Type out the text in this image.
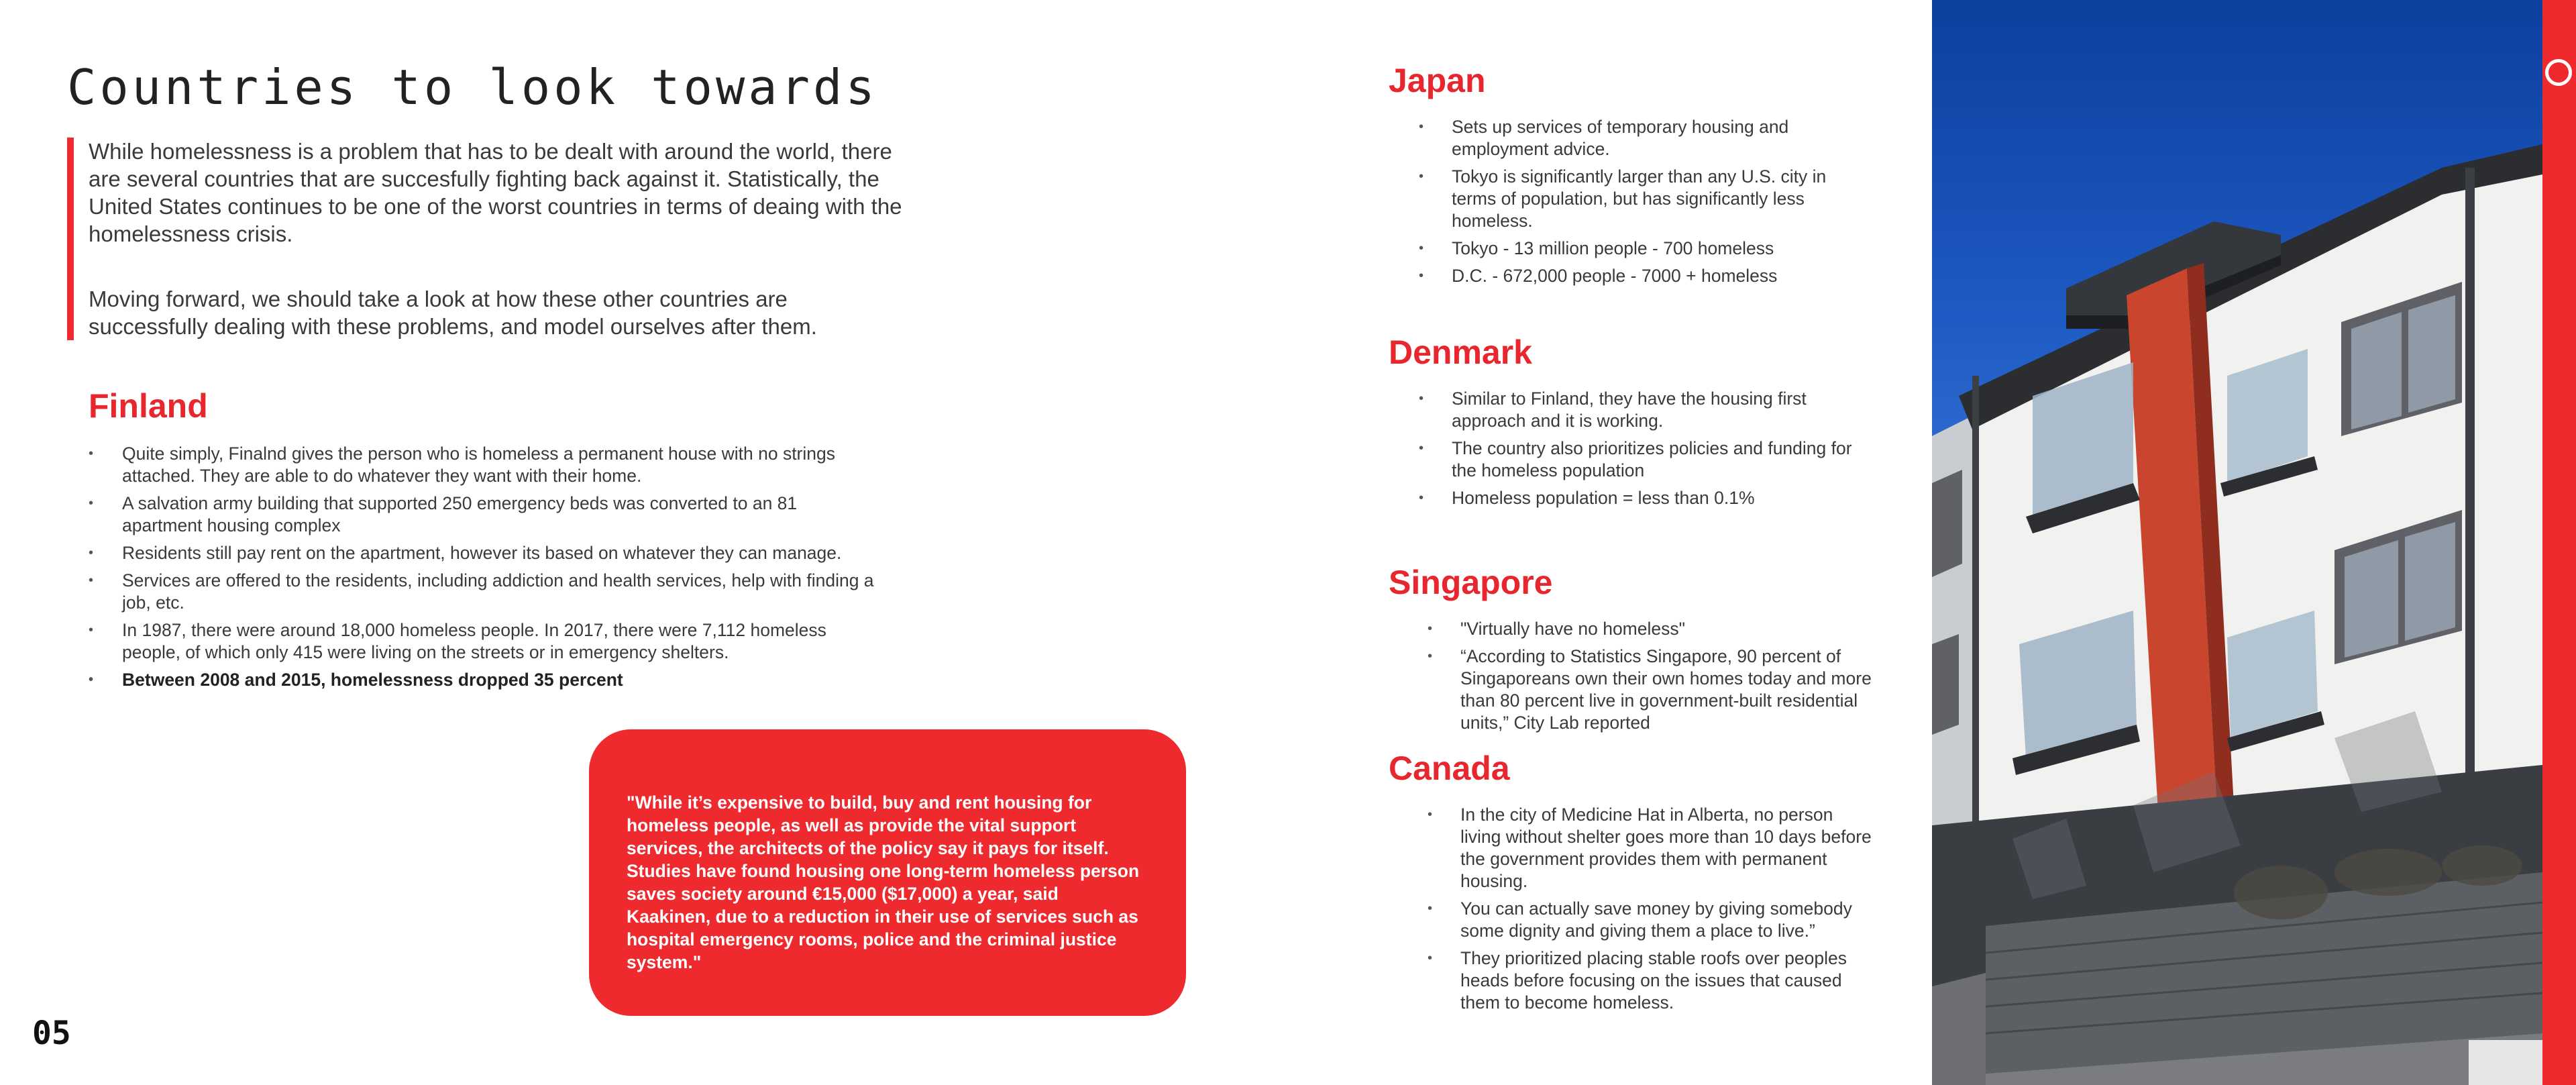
Countries to look towards

While homelessness is a problem that has to be dealt with around the world, there are several countries that are succesfully fighting back against it. Statistically, the United States continues to be one of the worst countries in terms of deaing with the homelessness crisis.

Moving forward, we should take a look at how these other countries are successfully dealing with these problems, and model ourselves after them.

Finland
• Quite simply, Finalnd gives the person who is homeless a permanent house with no strings attached. They are able to do whatever they want with their home.
• A salvation army building that supported 250 emergency beds was converted to an 81 apartment housing complex
• Residents still pay rent on the apartment, however its based on whatever they can manage.
• Services are offered to the residents, including addiction and health services, help with finding a job, etc.
• In 1987, there were around 18,000 homeless people. In 2017, there were 7,112 homeless people, of which only 415 were living on the streets or in emergency shelters.
• Between 2008 and 2015, homelessness dropped 35 percent

"While it’s expensive to build, buy and rent housing for homeless people, as well as provide the vital support services, the architects of the policy say it pays for itself. Studies have found housing one long-term homeless person saves society around €15,000 ($17,000) a year, said Kaakinen, due to a reduction in their use of services such as hospital emergency rooms, police and the criminal justice system."

05
Japan
• Sets up services of temporary housing and employment advice.
• Tokyo is significantly larger than any U.S. city in terms of population, but has significantly less homeless.
• Tokyo - 13 million people - 700 homeless
• D.C. - 672,000 people - 7000 + homeless
Denmark
• Similar to Finland, they have the housing first approach and it is working.
• The country also prioritizes policies and funding for the homeless population
• Homeless population = less than 0.1%
Singapore
• "Virtually have no homeless"
• “According to Statistics Singapore, 90 percent of Singaporeans own their own homes today and more than 80 percent live in government-built residential units,” City Lab reported
Canada
• In the city of Medicine Hat in Alberta, no person living without shelter goes more than 10 days before the government provides them with permanent housing.
• You can actually save money by giving somebody some dignity and giving them a place to live.”
• They prioritized placing stable roofs over peoples heads before focusing on the issues that caused them to become homeless.
